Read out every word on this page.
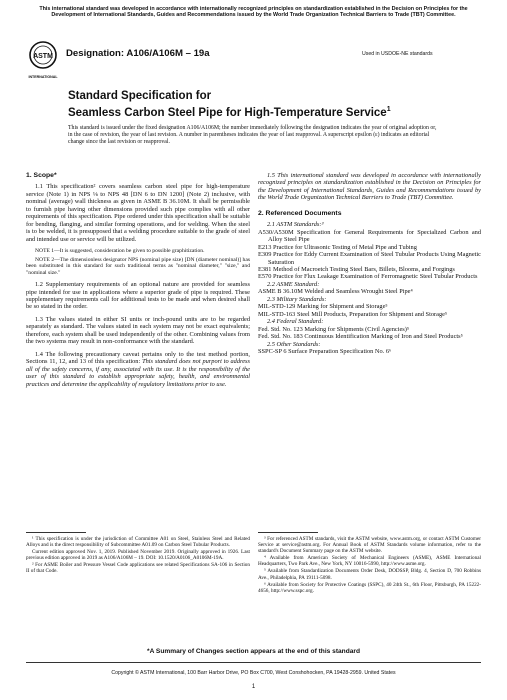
This international standard was developed in accordance with internationally recognized principles on standardization established in the Decision on Principles for the Development of International Standards, Guides and Recommendations issued by the World Trade Organization Technical Barriers to Trade (TBT) Committee.
ASTM
INTERNATIONAL
Designation: A106/A106M – 19a	Used in USDOE-NE standards
Standard Specification for
Seamless Carbon Steel Pipe for High-Temperature Service$^1$
This standard is issued under the fixed designation A106/A106M; the number immediately following the designation indicates the year of original adoption or, in the case of revision, the year of last revision. A number in parentheses indicates the year of last reapproval. A superscript epsilon (ε) indicates an editorial change since the last revision or reapproval.
1. Scope*

1.1 This specification² covers seamless carbon steel pipe for high-temperature service (Note 1) in NPS ⅛ to NPS 48 [DN 6 to DN 1200] (Note 2) inclusive, with nominal (average) wall thickness as given in ASME B 36.10M. It shall be permissible to furnish pipe having other dimensions provided such pipe complies with all other requirements of this specification. Pipe ordered under this specification shall be suitable for bending, flanging, and similar forming operations, and for welding. When the steel is to be welded, it is presupposed that a welding procedure suitable to the grade of steel and intended use or service will be utilized.

NOTE 1—It is suggested, consideration be given to possible graphitization.

NOTE 2—The dimensionless designator NPS (nominal pipe size) [DN (diameter nominal)] has been substituted in this standard for such traditional terms as "nominal diameter," "size," and "nominal size."

1.2 Supplementary requirements of an optional nature are provided for seamless pipe intended for use in applications where a superior grade of pipe is required. These supplementary requirements call for additional tests to be made and when desired shall be so stated in the order.

1.3 The values stated in either SI units or inch-pound units are to be regarded separately as standard. The values stated in each system may not be exact equivalents; therefore, each system shall be used independently of the other. Combining values from the two systems may result in non-conformance with the standard.

1.4 The following precautionary caveat pertains only to the test method portion, Sections 11, 12, and 13 of this specification: This standard does not purport to address all of the safety concerns, if any, associated with its use. It is the responsibility of the user of this standard to establish appropriate safety, health, and environmental practices and determine the applicability of regulatory limitations prior to use.

1.5 This international standard was developed in accordance with internationally recognized principles on standardization established in the Decision on Principles for the Development of International Standards, Guides and Recommendations issued by the World Trade Organization Technical Barriers to Trade (TBT) Committee.

2. Referenced Documents

2.1 ASTM Standards:³

A530/A530M Specification for General Requirements for Specialized Carbon and Alloy Steel Pipe

E213 Practice for Ultrasonic Testing of Metal Pipe and Tubing

E309 Practice for Eddy Current Examination of Steel Tubular Products Using Magnetic Saturation

E381 Method of Macroetch Testing Steel Bars, Billets, Blooms, and Forgings

E570 Practice for Flux Leakage Examination of Ferromagnetic Steel Tubular Products

2.2 ASME Standard:

ASME B 36.10M Welded and Seamless Wrought Steel Pipe⁴

2.3 Military Standards:

MIL-STD-129 Marking for Shipment and Storage⁵

MIL-STD-163 Steel Mill Products, Preparation for Shipment and Storage⁵

2.4 Federal Standard:

Fed. Std. No. 123 Marking for Shipments (Civil Agencies)⁵

Fed. Std. No. 183 Continuous Identification Marking of Iron and Steel Products⁵

2.5 Other Standards:

SSPC-SP 6 Surface Preparation Specification No. 6⁶

¹ This specification is under the jurisdiction of Committee A01 on Steel, Stainless Steel and Related Alloys and is the direct responsibility of Subcommittee A01.09 on Carbon Steel Tubular Products.

Current edition approved Nov. 1, 2019. Published November 2019. Originally approved in 1926. Last previous edition approved in 2019 as A106/A106M – 19. DOI: 10.1520/A0106_A0106M-19A.

² For ASME Boiler and Pressure Vessel Code applications see related Specifications SA-106 in Section II of that Code.

³ For referenced ASTM standards, visit the ASTM website, www.astm.org, or contact ASTM Customer Service at service@astm.org. For Annual Book of ASTM Standards volume information, refer to the standard's Document Summary page on the ASTM website.

⁴ Available from American Society of Mechanical Engineers (ASME), ASME International Headquarters, Two Park Ave., New York, NY 10016-5990, http://www.asme.org.

⁵ Available from Standardization Documents Order Desk, DODSSP, Bldg. 4, Section D, 700 Robbins Ave., Philadelphia, PA 19111-5098.

⁶ Available from Society for Protective Coatings (SSPC), 40 24th St., 6th Floor, Pittsburgh, PA 15222-4656, http://www.sspc.org.

*A Summary of Changes section appears at the end of this standard
Copyright © ASTM International, 100 Barr Harbor Drive, PO Box C700, West Conshohocken, PA 19428-2959. United States
1
